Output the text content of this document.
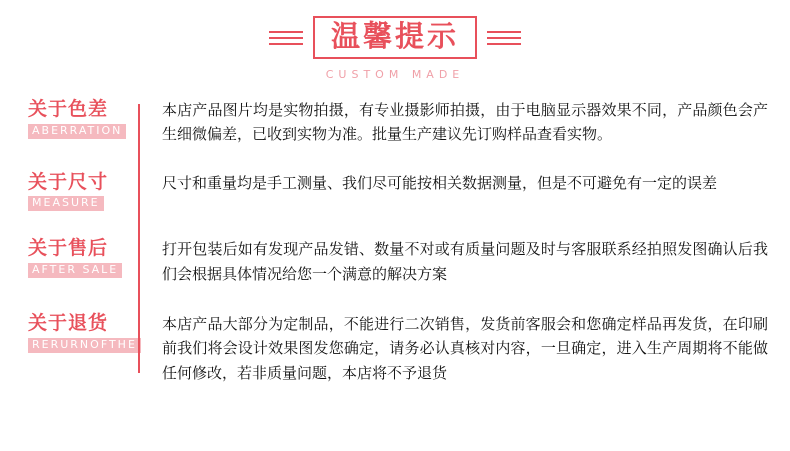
温馨提示
CUSTOM MADE
关于色差
ABERRATION
本店产品图片均是实物拍摄，有专业摄影师拍摄，由于电脑显示器效果不同，产品颜色会产生细微偏差，已收到实物为准。批量生产建议先订购样品查看实物。
关于尺寸
MEASURE
尺寸和重量均是手工测量、我们尽可能按相关数据测量，但是不可避免有一定的误差
关于售后
AFTER SALE
打开包装后如有发现产品发错、数量不对或有质量问题及时与客服联系经拍照发图确认后我们会根据具体情况给您一个满意的解决方案
关于退货
RERURNOFTHE
本店产品大部分为定制品，不能进行二次销售，发货前客服会和您确定样品再发货，在印刷前我们将会设计效果图发您确定，请务必认真核对内容，一旦确定，进入生产周期将不能做任何修改，若非质量问题，本店将不予退货
